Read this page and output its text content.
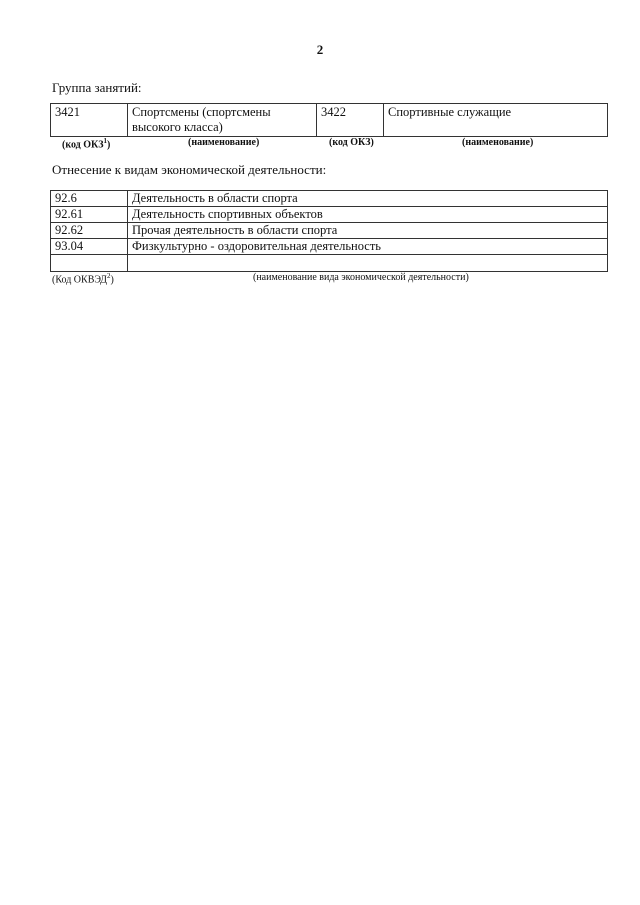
2
Группа занятий:
3421	Спортсмены (спортсмены высокого класса)	3422	Спортивные служащие
(код ОКЗ$^1$)	(наименование)	(код ОКЗ)	(наименование)
Отнесение к видам экономической деятельности:
92.6	Деятельность в области спорта
92.61	Деятельность спортивных объектов
92.62	Прочая деятельность в области спорта
93.04	Физкультурно - оздоровительная деятельность

(Код ОКВЭД$^2$)	(наименование вида экономической деятельности)
